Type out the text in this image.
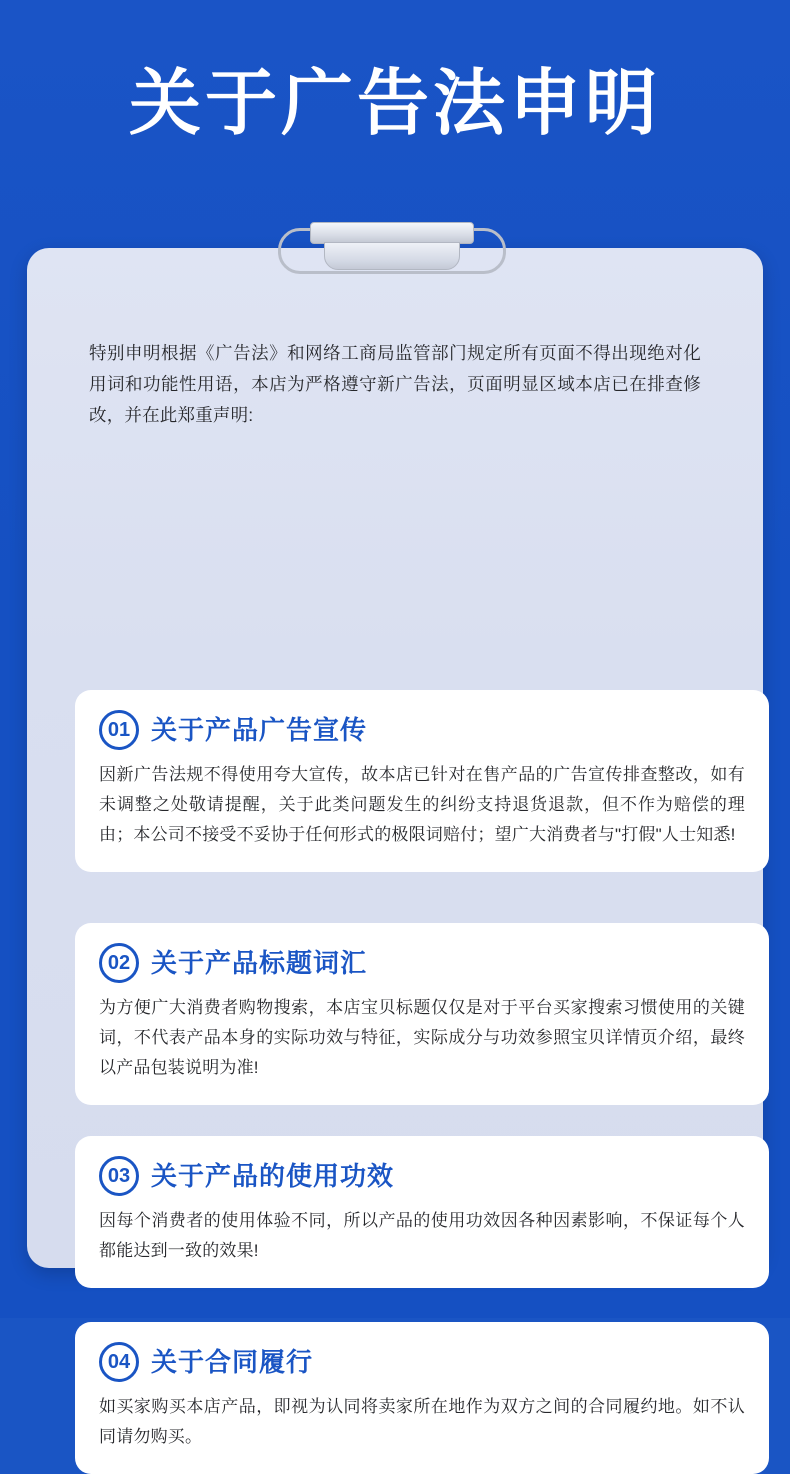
关于广告法申明
特别申明根据《广告法》和网络工商局监管部门规定所有页面不得出现绝对化用词和功能性用语，本店为严格遵守新广告法，页面明显区域本店已在排查修改，并在此郑重声明:
01 关于产品广告宣传
因新广告法规不得使用夸大宣传，故本店已针对在售产品的广告宣传排查整改，如有未调整之处敬请提醒，关于此类问题发生的纠纷支持退货退款，但不作为赔偿的理由；本公司不接受不妥协于任何形式的极限词赔付；望广大消费者与"打假"人士知悉!
02 关于产品标题词汇
为方便广大消费者购物搜索，本店宝贝标题仅仅是对于平台买家搜索习惯使用的关键词，不代表产品本身的实际功效与特征，实际成分与功效参照宝贝详情页介绍，最终以产品包装说明为准!
03 关于产品的使用功效
因每个消费者的使用体验不同，所以产品的使用功效因各种因素影响，不保证每个人都能达到一致的效果!
04 关于合同履行
如买家购买本店产品，即视为认同将卖家所在地作为双方之间的合同履约地。如不认同请勿购买。
